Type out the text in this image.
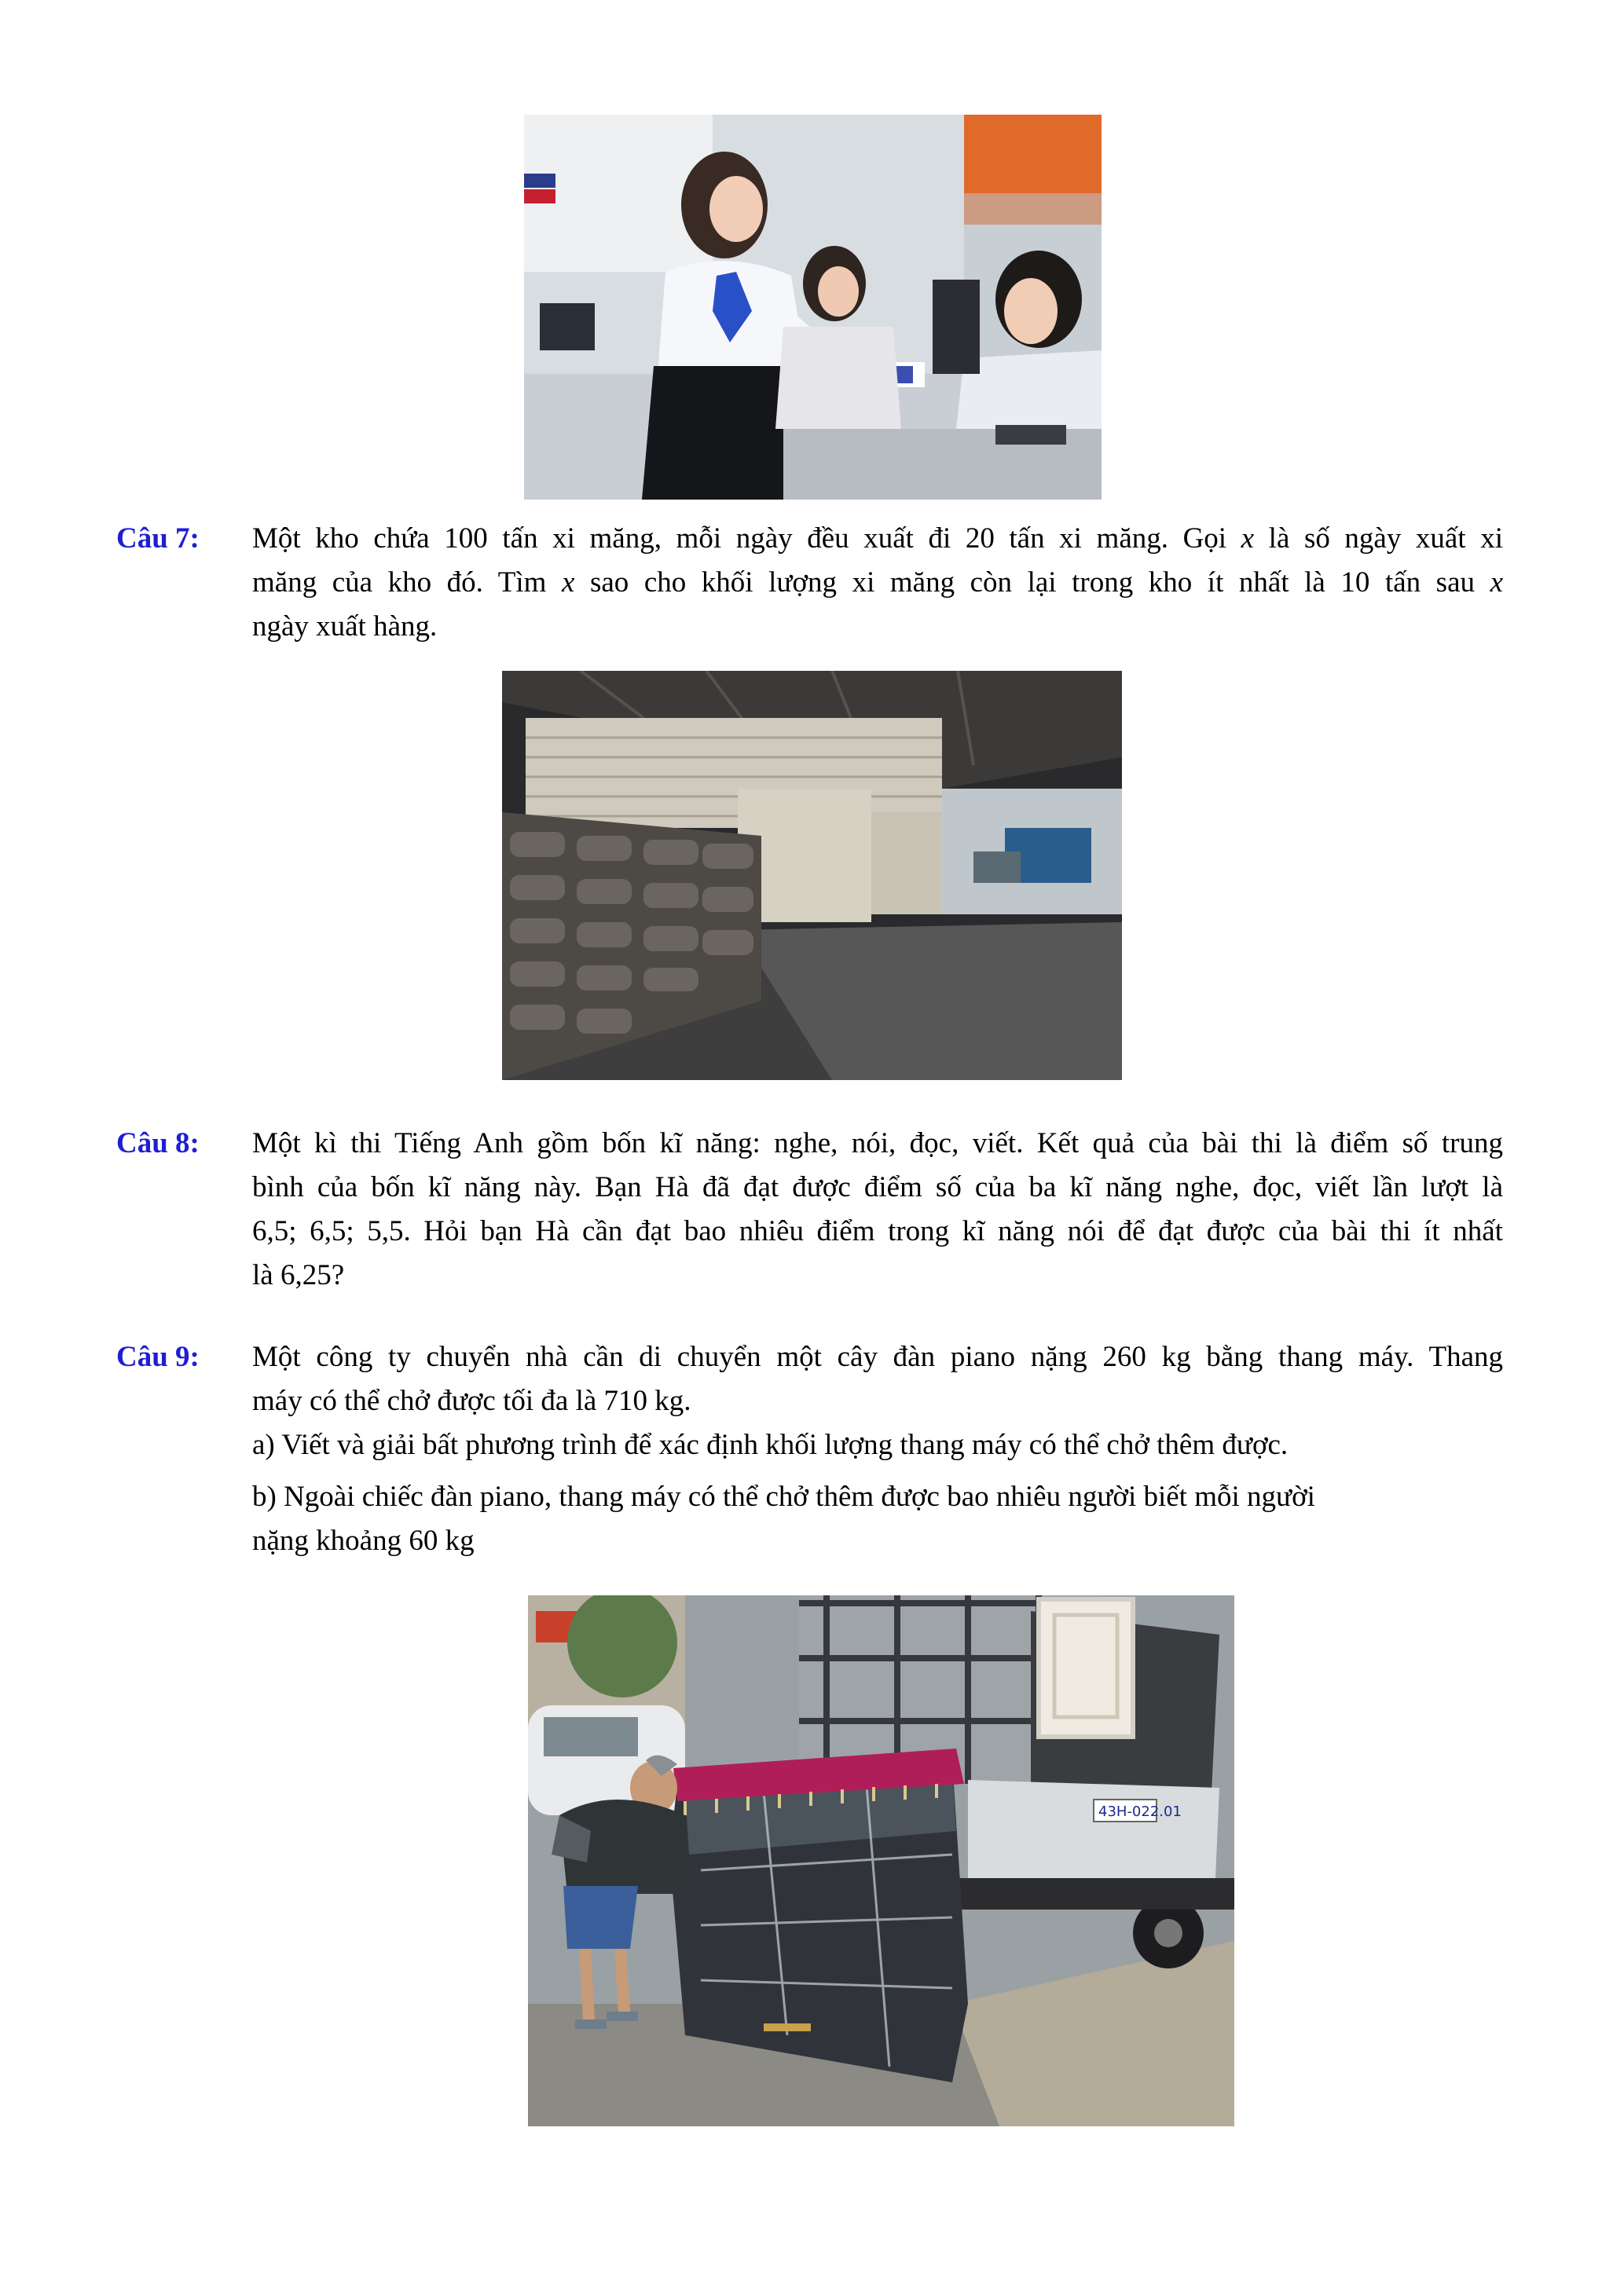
Câu 7: Một kho chứa 100 tấn xi măng, mỗi ngày đều xuất đi 20 tấn xi măng. Gọi x là số ngày xuất xi
măng của kho đó. Tìm x sao cho khối lượng xi măng còn lại trong kho ít nhất là 10 tấn sau x
ngày xuất hàng.
Câu 8: Một kì thi Tiếng Anh gồm bốn kĩ năng: nghe, nói, đọc, viết. Kết quả của bài thi là điểm số trung
bình của bốn kĩ năng này. Bạn Hà đã đạt được điểm số của ba kĩ năng nghe, đọc, viết lần lượt là
6,5; 6,5; 5,5. Hỏi bạn Hà cần đạt bao nhiêu điểm trong kĩ năng nói để đạt được của bài thi ít nhất
là 6,25?
Câu 9: Một công ty chuyển nhà cần di chuyển một cây đàn piano nặng 260 kg bằng thang máy. Thang
máy có thể chở được tối đa là 710 kg.
a) Viết và giải bất phương trình để xác định khối lượng thang máy có thể chở thêm được.
b) Ngoài chiếc đàn piano, thang máy có thể chở thêm được bao nhiêu người biết mỗi người
nặng khoảng 60 kg
43H-022.01
